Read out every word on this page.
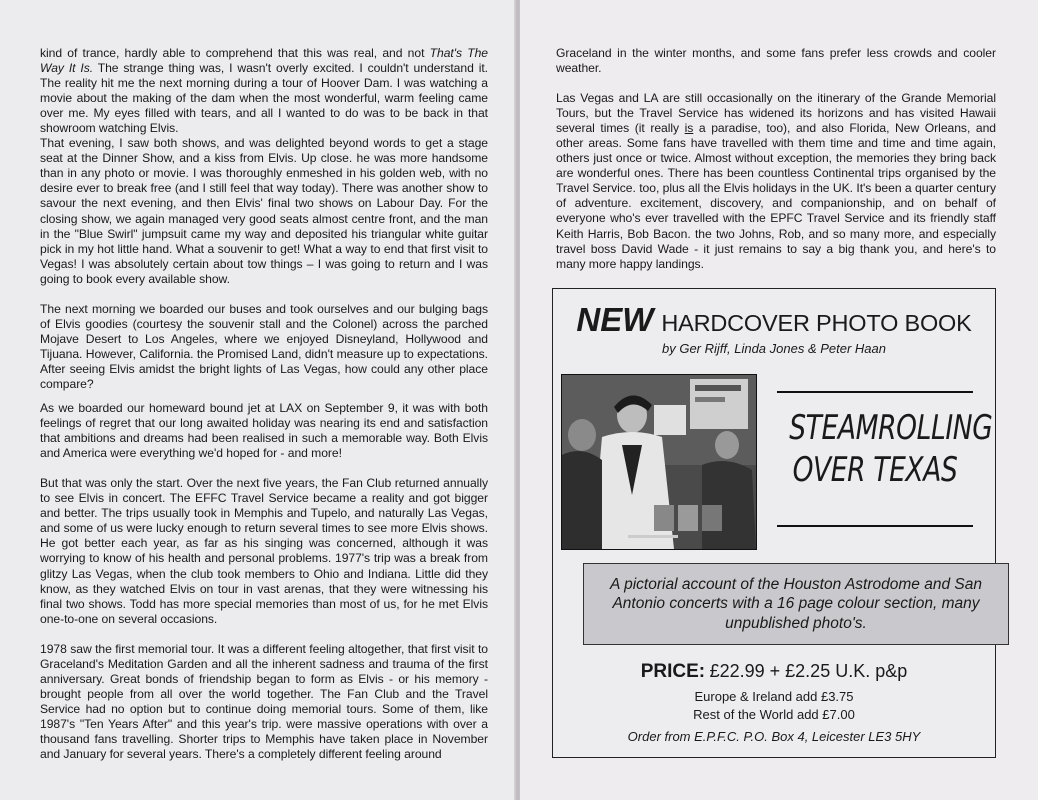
kind of trance, hardly able to comprehend that this was real, and not That's The Way It Is. The strange thing was, I wasn't overly excited. I couldn't understand it. The reality hit me the next morning during a tour of Hoover Dam. I was watching a movie about the making of the dam when the most wonderful, warm feeling came over me. My eyes filled with tears, and all I wanted to do was to be back in that showroom watching Elvis.

That evening, I saw both shows, and was delighted beyond words to get a stage seat at the Dinner Show, and a kiss from Elvis. Up close. he was more handsome than in any photo or movie. I was thoroughly enmeshed in his golden web, with no desire ever to break free (and I still feel that way today). There was another show to savour the next evening, and then Elvis' final two shows on Labour Day. For the closing show, we again managed very good seats almost centre front, and the man in the "Blue Swirl" jumpsuit came my way and deposited his triangular white guitar pick in my hot little hand. What a souvenir to get! What a way to end that first visit to Vegas! I was absolutely certain about tow things – I was going to return and I was going to book every available show.

The next morning we boarded our buses and took ourselves and our bulging bags of Elvis goodies (courtesy the souvenir stall and the Colonel) across the parched Mojave Desert to Los Angeles, where we enjoyed Disneyland, Hollywood and Tijuana. However, California. the Promised Land, didn't measure up to expectations. After seeing Elvis amidst the bright lights of Las Vegas, how could any other place compare?

As we boarded our homeward bound jet at LAX on September 9, it was with both feelings of regret that our long awaited holiday was nearing its end and satisfaction that ambitions and dreams had been realised in such a memorable way. Both Elvis and America were everything we'd hoped for - and more!

But that was only the start. Over the next five years, the Fan Club returned annually to see Elvis in concert. The EFFC Travel Service became a reality and got bigger and better. The trips usually took in Memphis and Tupelo, and naturally Las Vegas, and some of us were lucky enough to return several times to see more Elvis shows. He got better each year, as far as his singing was concerned, although it was worrying to know of his health and personal problems. 1977's trip was a break from glitzy Las Vegas, when the club took members to Ohio and Indiana. Little did they know, as they watched Elvis on tour in vast arenas, that they were witnessing his final two shows. Todd has more special memories than most of us, for he met Elvis one-to-one on several occasions.

1978 saw the first memorial tour. It was a different feeling altogether, that first visit to Graceland's Meditation Garden and all the inherent sadness and trauma of the first anniversary. Great bonds of friendship began to form as Elvis - or his memory - brought people from all over the world together. The Fan Club and the Travel Service had no option but to continue doing memorial tours. Some of them, like 1987's "Ten Years After" and this year's trip. were massive operations with over a thousand fans travelling. Shorter trips to Memphis have taken place in November and January for several years. There's a completely different feeling around

Graceland in the winter months, and some fans prefer less crowds and cooler weather.

Las Vegas and LA are still occasionally on the itinerary of the Grande Memorial Tours, but the Travel Service has widened its horizons and has visited Hawaii several times (it really is a paradise, too), and also Florida, New Orleans, and other areas. Some fans have travelled with them time and time and time again, others just once or twice. Almost without exception, the memories they bring back are wonderful ones. There has been countless Continental trips organised by the Travel Service. too, plus all the Elvis holidays in the UK. It's been a quarter century of adventure. excitement, discovery, and companionship, and on behalf of everyone who's ever travelled with the EPFC Travel Service and its friendly staff Keith Harris, Bob Bacon. the two Johns, Rob, and so many more, and especially travel boss David Wade - it just remains to say a big thank you, and here's to many more happy landings.

NEW HARDCOVER PHOTO BOOK
by Ger Rijff, Linda Jones & Peter Haan
STEAMROLLING
OVER TEXAS
A pictorial account of the Houston Astrodome and San Antonio concerts with a 16 page colour section, many unpublished photo's.
PRICE: £22.99 + £2.25 U.K. p&p
Europe & Ireland add £3.75
Rest of the World add £7.00
Order from E.P.F.C. P.O. Box 4, Leicester LE3 5HY
